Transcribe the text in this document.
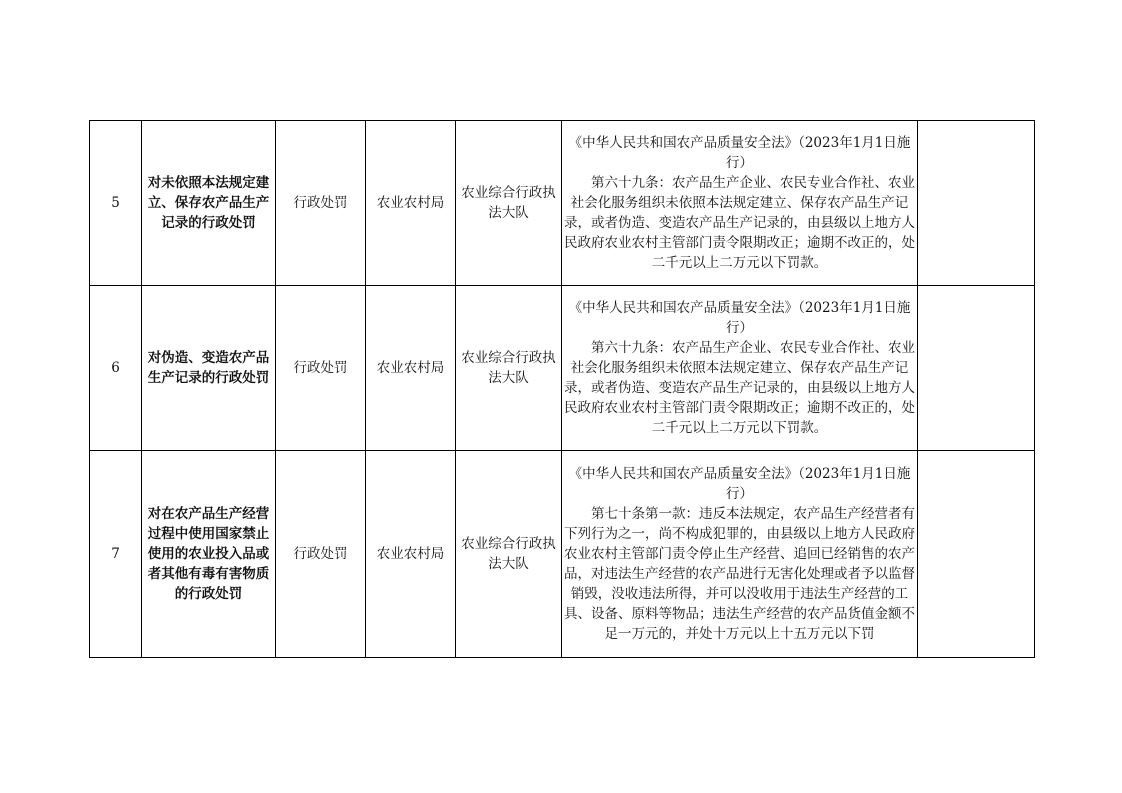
5	对未依照本法规定建立、保存农产品生产记录的行政处罚	行政处罚	农业农村局	农业综合行政执法大队	《中华人民共和国农产品质量安全法》（2023年1月1日施行）
第六十九条：农产品生产企业、农民专业合作社、农业社会化服务组织未依照本法规定建立、保存农产品生产记录，或者伪造、变造农产品生产记录的，由县级以上地方人民政府农业农村主管部门责令限期改正；逾期不改正的，处二千元以上二万元以下罚款。	

6	对伪造、变造农产品生产记录的行政处罚	行政处罚	农业农村局	农业综合行政执法大队	《中华人民共和国农产品质量安全法》（2023年1月1日施行）
第六十九条：农产品生产企业、农民专业合作社、农业社会化服务组织未依照本法规定建立、保存农产品生产记录，或者伪造、变造农产品生产记录的，由县级以上地方人民政府农业农村主管部门责令限期改正；逾期不改正的，处二千元以上二万元以下罚款。	

7	对在农产品生产经营过程中使用国家禁止使用的农业投入品或者其他有毒有害物质的行政处罚	行政处罚	农业农村局	农业综合行政执法大队	《中华人民共和国农产品质量安全法》（2023年1月1日施行）
第七十条第一款：违反本法规定，农产品生产经营者有下列行为之一，尚不构成犯罪的，由县级以上地方人民政府农业农村主管部门责令停止生产经营、追回已经销售的农产品，对违法生产经营的农产品进行无害化处理或者予以监督销毁，没收违法所得，并可以没收用于违法生产经营的工具、设备、原料等物品；违法生产经营的农产品货值金额不足一万元的，并处十万元以上十五万元以下罚	
